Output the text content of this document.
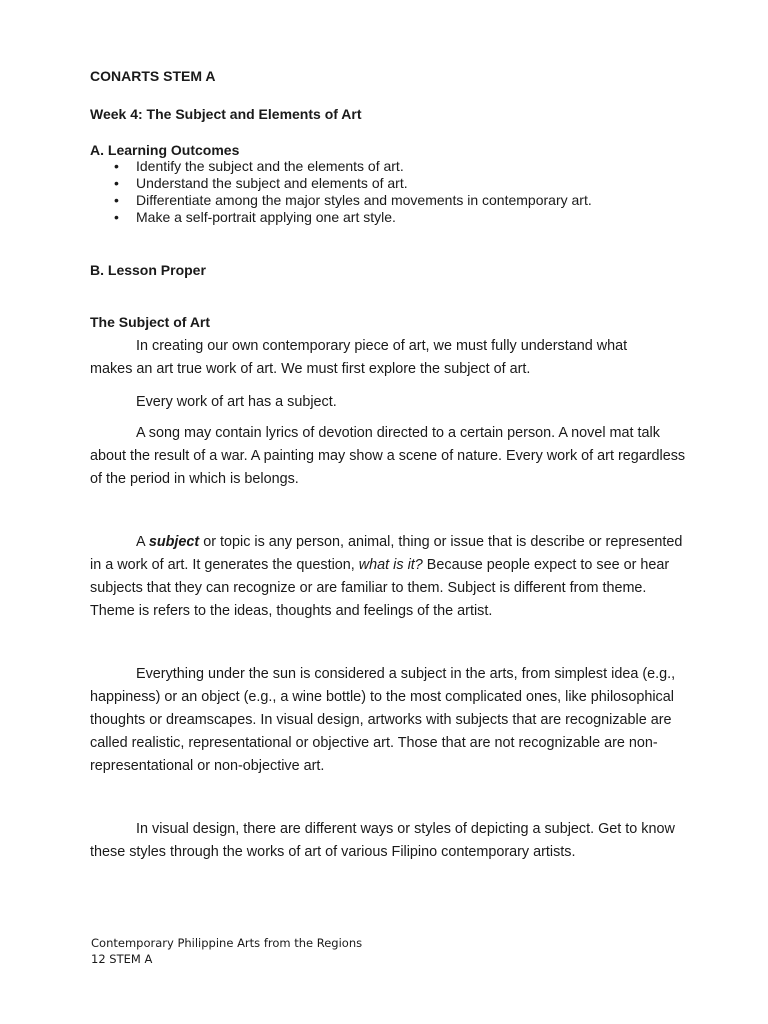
CONARTS STEM A
Week 4: The Subject and Elements of Art
A. Learning Outcomes
• Identify the subject and the elements of art.
• Understand the subject and elements of art.
• Differentiate among the major styles and movements in contemporary art.
• Make a self-portrait applying one art style.
B. Lesson Proper
The Subject of Art

In creating our own contemporary piece of art, we must fully understand what makes an art true work of art. We must first explore the subject of art.

Every work of art has a subject.

A song may contain lyrics of devotion directed to a certain person. A novel mat talk about the result of a war. A painting may show a scene of nature. Every work of art regardless of the period in which is belongs.

A subject or topic is any person, animal, thing or issue that is describe or represented in a work of art. It generates the question, what is it? Because people expect to see or hear subjects that they can recognize or are familiar to them. Subject is different from theme. Theme is refers to the ideas, thoughts and feelings of the artist.

Everything under the sun is considered a subject in the arts, from simplest idea (e.g., happiness) or an object (e.g., a wine bottle) to the most complicated ones, like philosophical thoughts or dreamscapes. In visual design, artworks with subjects that are recognizable are called realistic, representational or objective art. Those that are not recognizable are non-representational or non-objective art.

In visual design, there are different ways or styles of depicting a subject. Get to know these styles through the works of art of various Filipino contemporary artists.

Contemporary Philippine Arts from the Regions
12 STEM A
